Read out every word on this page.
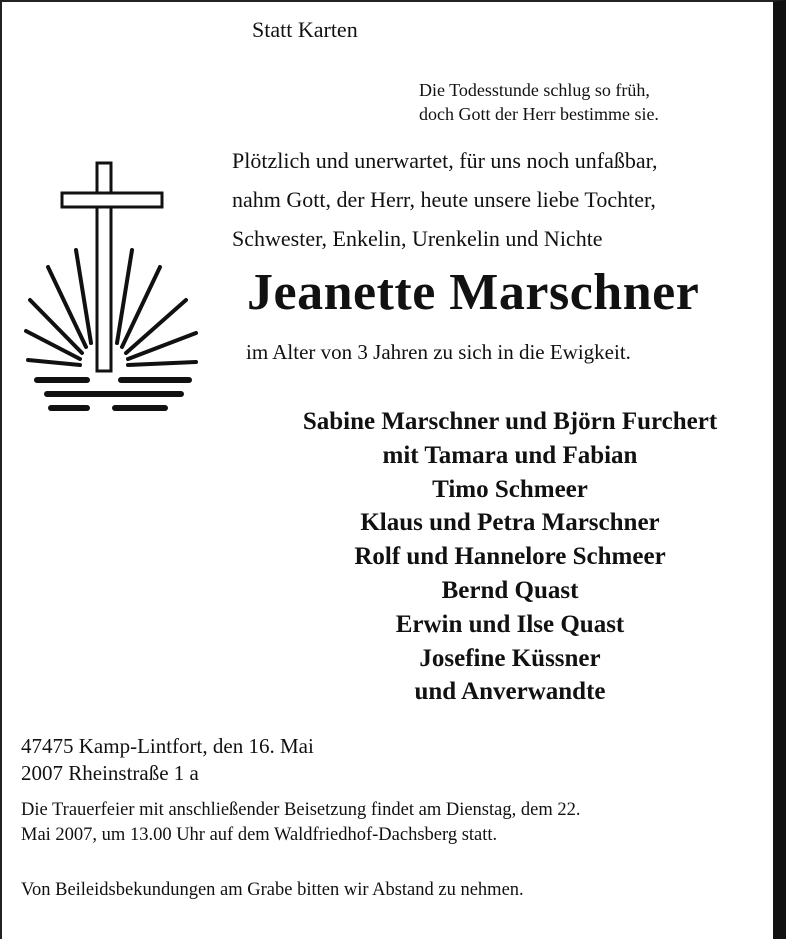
Statt Karten
Die Todesstunde schlug so früh,
doch Gott der Herr bestimme sie.
Plötzlich und unerwartet, für uns noch unfaßbar,
nahm Gott, der Herr, heute unsere liebe Tochter,
Schwester, Enkelin, Urenkelin und Nichte
Jeanette Marschner
im Alter von 3 Jahren zu sich in die Ewigkeit.
Sabine Marschner und Björn Furchert
mit Tamara und Fabian
Timo Schmeer
Klaus und Petra Marschner
Rolf und Hannelore Schmeer
Bernd Quast
Erwin und Ilse Quast
Josefine Küssner
und Anverwandte
47475 Kamp-Lintfort, den 16. Mai
2007 Rheinstraße 1 a
Die Trauerfeier mit anschließender Beisetzung findet am Dienstag, dem 22.
Mai 2007, um 13.00 Uhr auf dem Waldfriedhof-Dachsberg statt.
Von Beileidsbekundungen am Grabe bitten wir Abstand zu nehmen.
